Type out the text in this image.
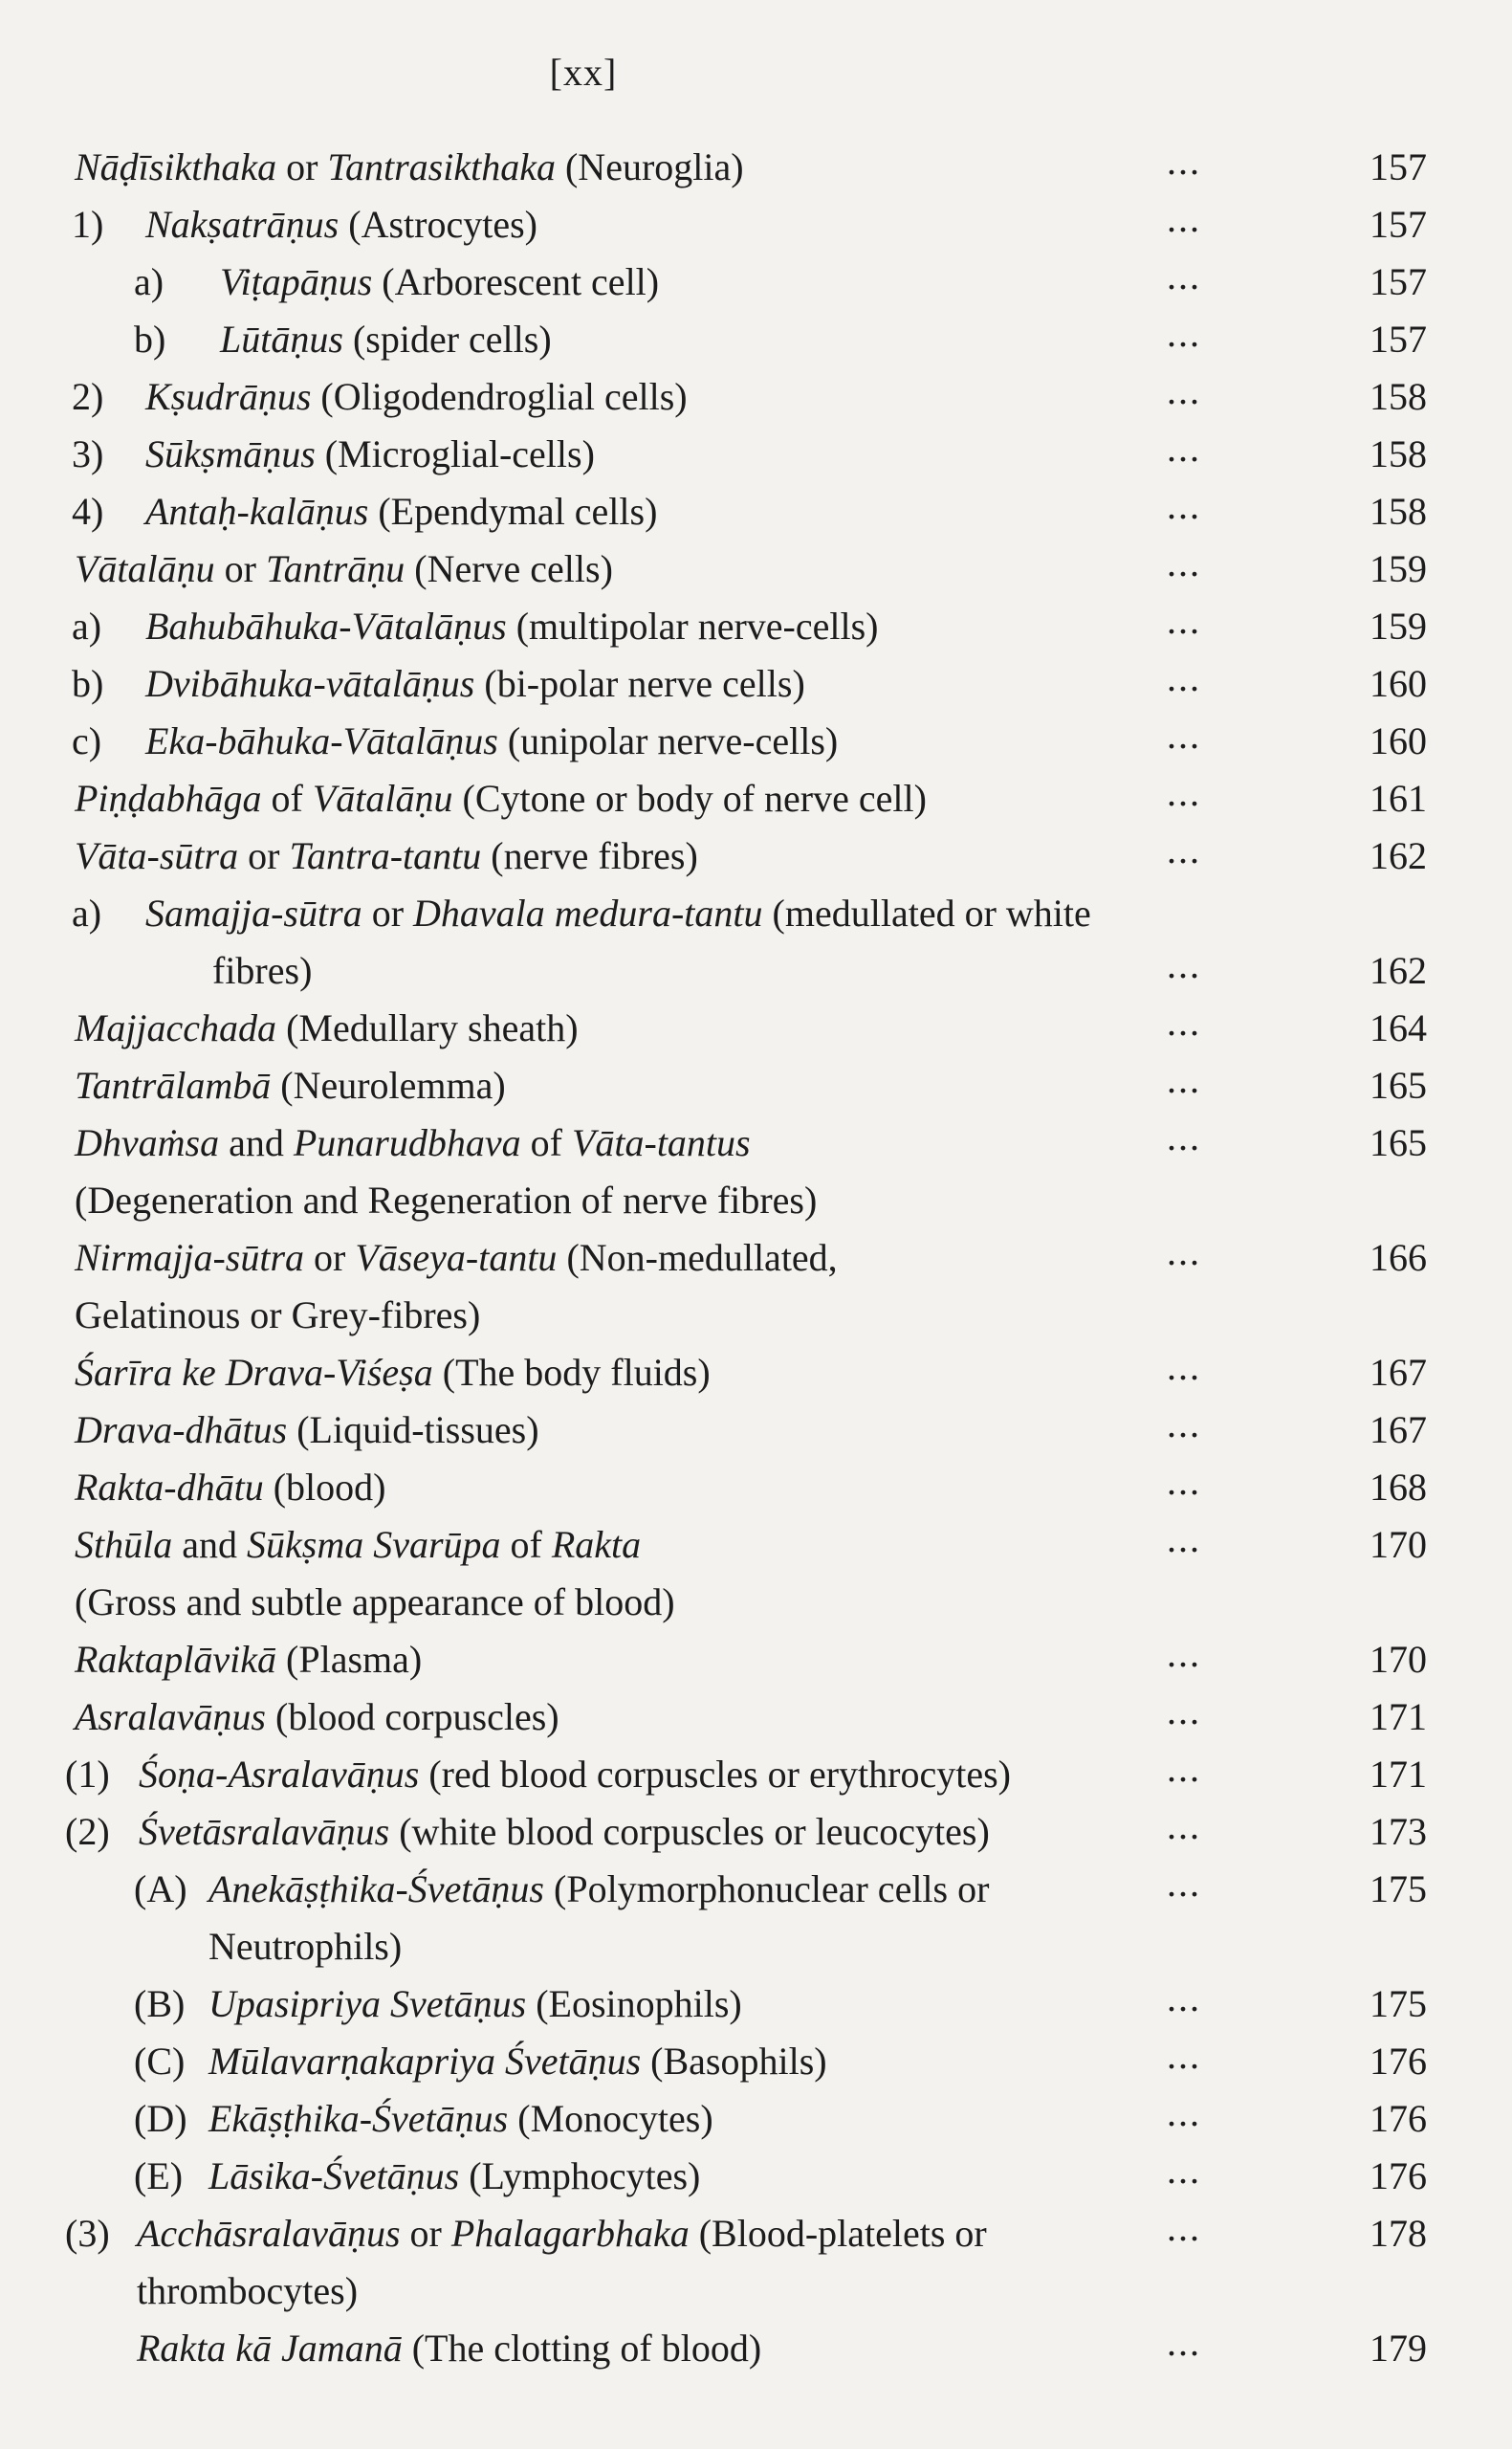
[xx]
Nāḍīsikthaka or Tantrasikthaka (Neuroglia)	...	157
1) Nakṣatrāṇus (Astrocytes)	...	157
a) Viṭapāṇus (Arborescent cell)	...	157
b) Lūtāṇus (spider cells)	...	157
2) Kṣudrāṇus (Oligodendroglial cells)	...	158
3) Sūkṣmāṇus (Microglial-cells)	...	158
4) Antaḥ-kalāṇus (Ependymal cells)	...	158
Vātalāṇu or Tantrāṇu (Nerve cells)	...	159
a) Bahubāhuka-Vātalāṇus (multipolar nerve-cells)	...	159
b) Dvibāhuka-vātalāṇus (bi-polar nerve cells)	...	160
c) Eka-bāhuka-Vātalāṇus (unipolar nerve-cells)	...	160
Piṇḍabhāga of Vātalāṇu (Cytone or body of nerve cell)	...	161
Vāta-sūtra or Tantra-tantu (nerve fibres)	...	162
a) Samajja-sūtra or Dhavala medura-tantu (medullated or white
fibres)	...	162
Majjacchada (Medullary sheath)	...	164
Tantrālambā (Neurolemma)	...	165
Dhvaṁsa and Punarudbhava of Vāta-tantus	...	165
(Degeneration and Regeneration of nerve fibres)
Nirmajja-sūtra or Vāseya-tantu (Non-medullated,	...	166
Gelatinous or Grey-fibres)
Śarīra ke Drava-Viśeṣa (The body fluids)	...	167
Drava-dhātus (Liquid-tissues)	...	167
Rakta-dhātu (blood)	...	168
Sthūla and Sūkṣma Svarūpa of Rakta	...	170
(Gross and subtle appearance of blood)
Raktaplāvikā (Plasma)	...	170
Asralavāṇus (blood corpuscles)	...	171
(1) Śoṇa-Asralavāṇus (red blood corpuscles or erythrocytes)	...	171
(2) Śvetāsralavāṇus (white blood corpuscles or leucocytes)	...	173
(A) Anekāṣṭhika-Śvetāṇus (Polymorphonuclear cells or	...	175
Neutrophils)
(B) Upasipriya Svetāṇus (Eosinophils)	...	175
(C) Mūlavarṇakapriya Śvetāṇus (Basophils)	...	176
(D) Ekāṣṭhika-Śvetāṇus (Monocytes)	...	176
(E) Lāsika-Śvetāṇus (Lymphocytes)	...	176
(3) Acchāsralavāṇus or Phalagarbhaka (Blood-platelets or	...	178
thrombocytes)
Rakta kā Jamanā (The clotting of blood)	...	179
